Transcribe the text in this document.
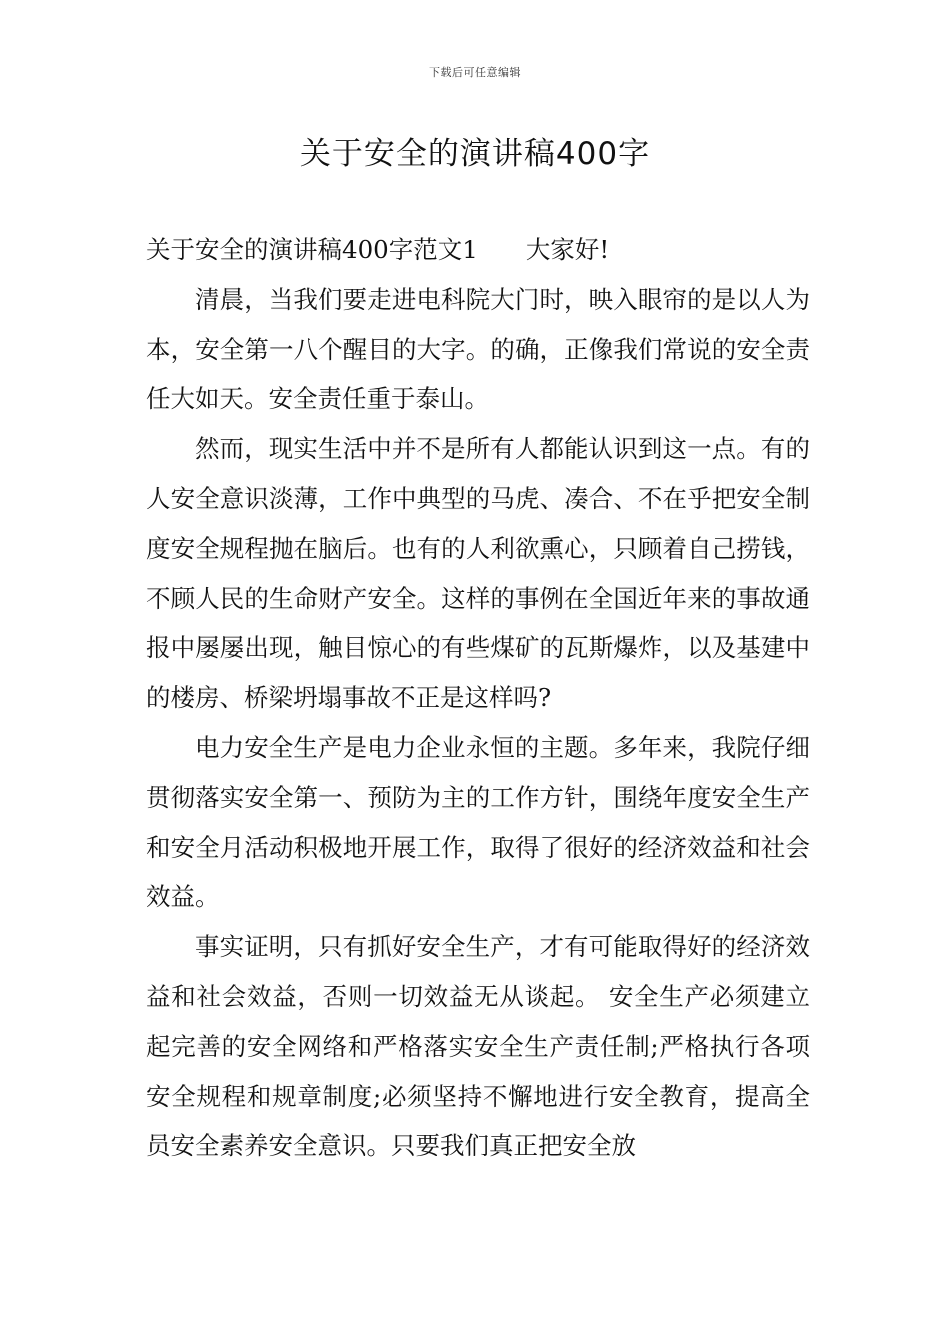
下载后可任意编辑
关于安全的演讲稿400字

关于安全的演讲稿400字范文1 大家好!

清晨，当我们要走进电科院大门时，映入眼帘的是以人为本，安全第一八个醒目的大字。的确，正像我们常说的安全责任大如天。安全责任重于泰山。

然而，现实生活中并不是所有人都能认识到这一点。有的人安全意识淡薄，工作中典型的马虎、凑合、不在乎把安全制度安全规程抛在脑后。也有的人利欲熏心，只顾着自己捞钱，不顾人民的生命财产安全。这样的事例在全国近年来的事故通报中屡屡出现，触目惊心的有些煤矿的瓦斯爆炸，以及基建中的楼房、桥梁坍塌事故不正是这样吗?

电力安全生产是电力企业永恒的主题。多年来，我院仔细贯彻落实安全第一、预防为主的工作方针，围绕年度安全生产和安全月活动积极地开展工作，取得了很好的经济效益和社会效益。

事实证明，只有抓好安全生产，才有可能取得好的经济效益和社会效益，否则一切效益无从谈起。 安全生产必须建立起完善的安全网络和严格落实安全生产责任制;严格执行各项安全规程和规章制度;必须坚持不懈地进行安全教育，提高全员安全素养安全意识。只要我们真正把安全放
